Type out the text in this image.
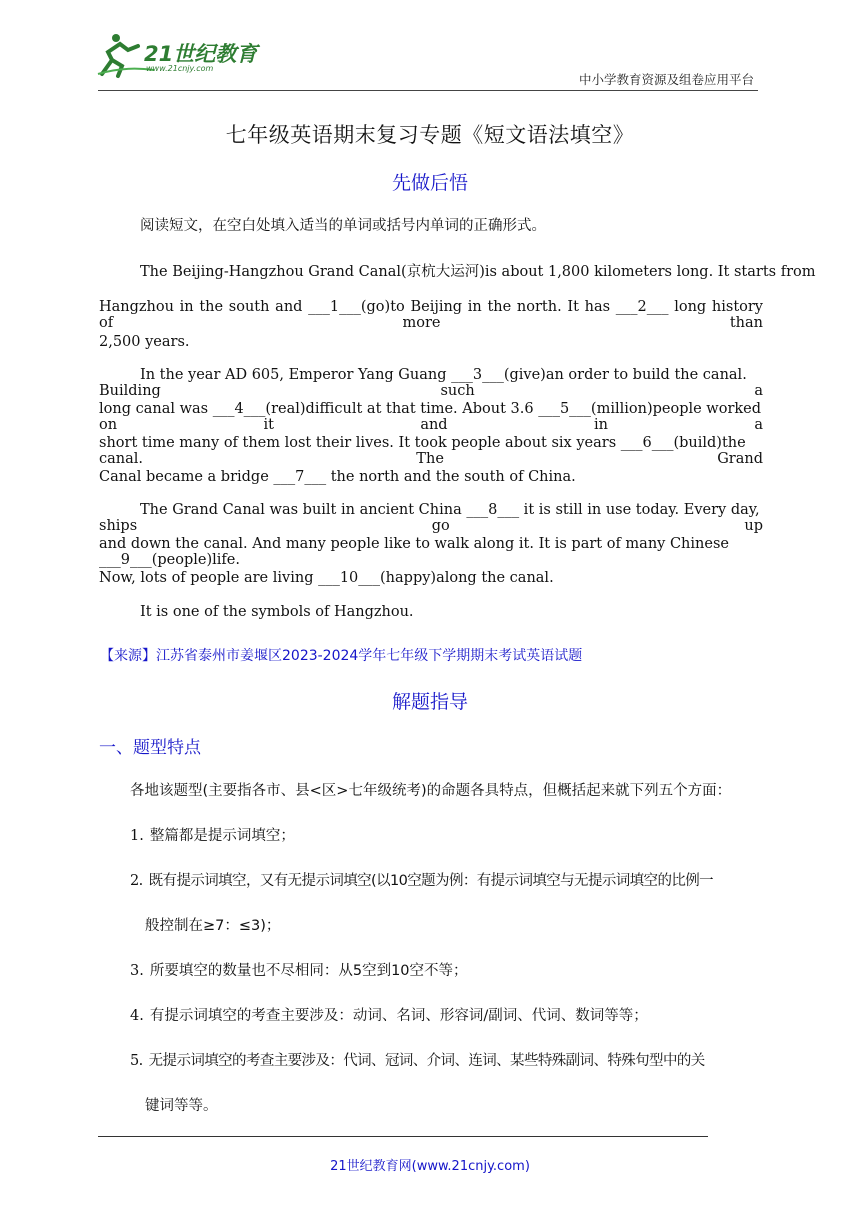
21世纪教育
www.21cnjy.com
中小学教育资源及组卷应用平台
七年级英语期末复习专题《短文语法填空》
先做后悟
阅读短文，在空白处填入适当的单词或括号内单词的正确形式。
The Beijing-Hangzhou Grand Canal(京杭大运河)is about 1,800 kilometers long. It starts from
Hangzhou in the south and ___1___(go)to Beijing in the north. It has ___2___ long history of more than
2,500 years.
In the year AD 605, Emperor Yang Guang ___3___(give)an order to build the canal. Building such a
long canal was ___4___(real)difficult at that time. About 3.6 ___5___(million)people worked on it and in a
short time many of them lost their lives. It took people about six years ___6___(build)the canal. The Grand
Canal became a bridge ___7___ the north and the south of China.
The Grand Canal was built in ancient China ___8___ it is still in use today. Every day, ships go up
and down the canal. And many people like to walk along it. It is part of many Chinese ___9___(people)life.
Now, lots of people are living ___10___(happy)along the canal.
It is one of the symbols of Hangzhou.
【来源】江苏省泰州市姜堰区2023-2024学年七年级下学期期末考试英语试题
解题指导
一、题型特点
各地该题型(主要指各市、县<区>七年级统考)的命题各具特点，但概括起来就下列五个方面：
1. 整篇都是提示词填空；
2. 既有提示词填空，又有无提示词填空(以10空题为例：有提示词填空与无提示词填空的比例一
般控制在≥7：≤3)；
3. 所要填空的数量也不尽相同：从5空到10空不等；
4. 有提示词填空的考查主要涉及：动词、名词、形容词/副词、代词、数词等等；
5. 无提示词填空的考查主要涉及：代词、冠词、介词、连词、某些特殊副词、特殊句型中的关
键词等等。
21世纪教育网(www.21cnjy.com)
